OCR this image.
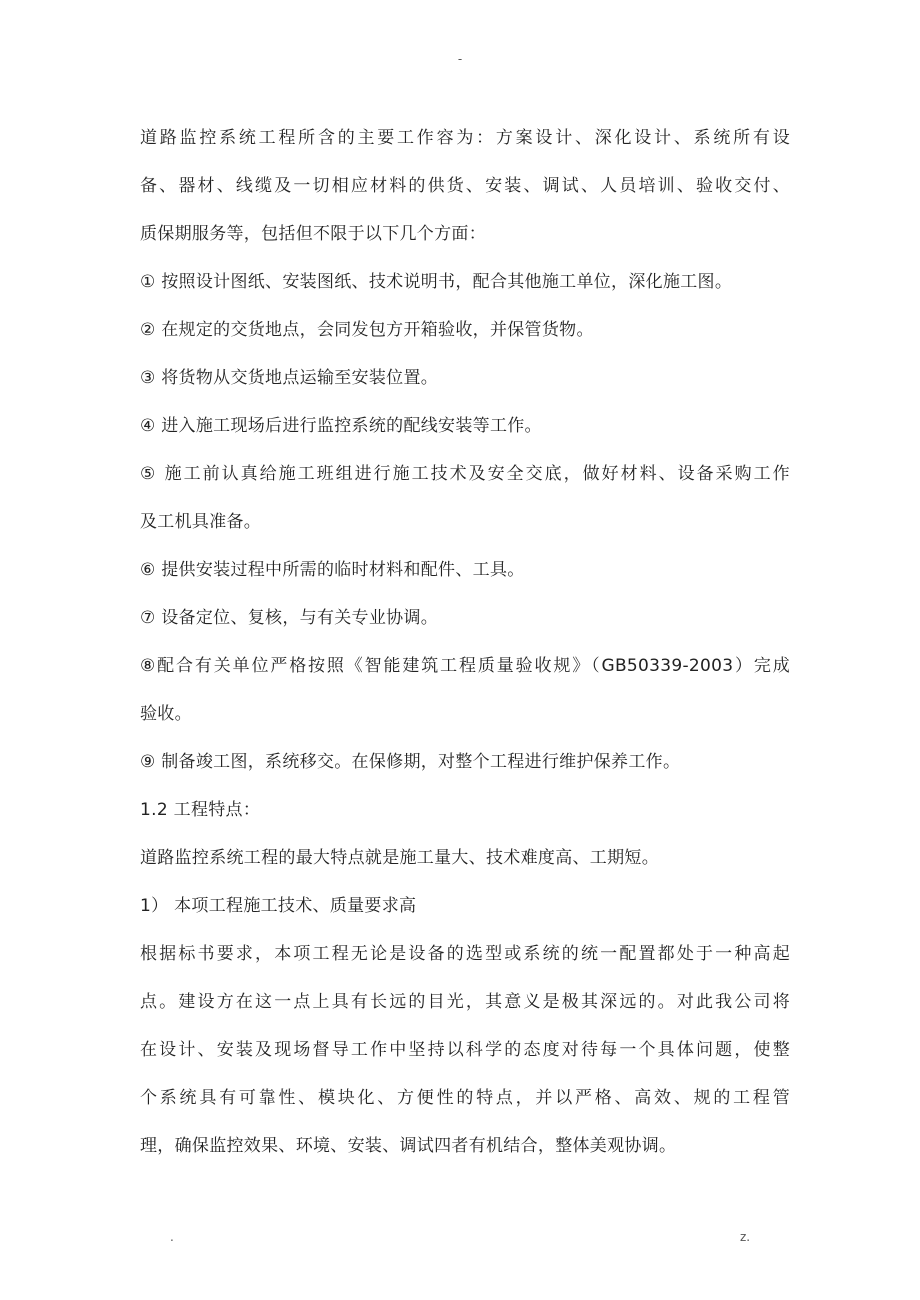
-
道路监控系统工程所含的主要工作容为：方案设计、深化设计、系统所有设
备、器材、线缆及一切相应材料的供货、安装、调试、人员培训、验收交付、
质保期服务等，包括但不限于以下几个方面：
① 按照设计图纸、安装图纸、技术说明书，配合其他施工单位，深化施工图。
② 在规定的交货地点，会同发包方开箱验收，并保管货物。
③ 将货物从交货地点运输至安装位置。
④ 进入施工现场后进行监控系统的配线安装等工作。
⑤ 施工前认真给施工班组进行施工技术及安全交底，做好材料、设备采购工作
及工机具准备。
⑥ 提供安装过程中所需的临时材料和配件、工具。
⑦ 设备定位、复核，与有关专业协调。
⑧配合有关单位严格按照《智能建筑工程质量验收规》（GB50339-2003）完成
验收。
⑨ 制备竣工图，系统移交。在保修期，对整个工程进行维护保养工作。
1.2 工程特点：
道路监控系统工程的最大特点就是施工量大、技术难度高、工期短。
1） 本项工程施工技术、质量要求高
根据标书要求，本项工程无论是设备的选型或系统的统一配置都处于一种高起
点。建设方在这一点上具有长远的目光，其意义是极其深远的。对此我公司将
在设计、安装及现场督导工作中坚持以科学的态度对待每一个具体问题，使整
个系统具有可靠性、模块化、方便性的特点，并以严格、高效、规的工程管
理，确保监控效果、环境、安装、调试四者有机结合，整体美观协调。
.	z.
